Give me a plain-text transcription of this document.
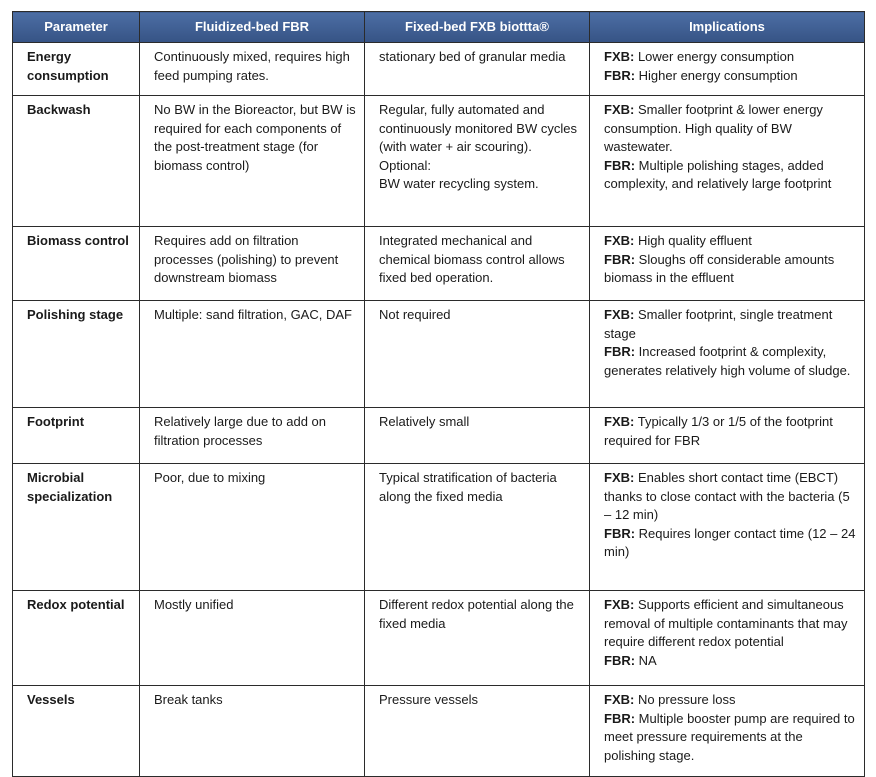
Parameter	Fluidized-bed FBR	Fixed-bed FXB biottta®	Implications
Energy consumption	Continuously mixed, requires high feed pumping rates.	stationary bed of granular media	FXB: Lower energy consumption
FBR: Higher energy consumption

Backwash	No BW in the Bioreactor, but BW is required for each components of the post-treatment stage (for biomass control)	Regular, fully automated and continuously monitored BW cycles (with water + air scouring).
Optional:
BW water recycling system.	FXB: Smaller footprint & lower energy consumption. High quality of BW wastewater.
FBR: Multiple polishing stages, added complexity, and relatively large footprint

Biomass control	Requires add on filtration processes (polishing) to prevent downstream biomass	Integrated mechanical and chemical biomass control allows fixed bed operation.	FXB: High quality effluent
FBR: Sloughs off considerable amounts biomass in the effluent

Polishing stage	Multiple: sand filtration, GAC, DAF	Not required	FXB: Smaller footprint, single treatment stage
FBR: Increased footprint & complexity, generates relatively high volume of sludge.

Footprint	Relatively large due to add on filtration processes	Relatively small	FXB: Typically 1/3 or 1/5 of the footprint required for FBR

Microbial specialization	Poor, due to mixing	Typical stratification of bacteria along the fixed media	FXB: Enables short contact time (EBCT) thanks to close contact with the bacteria (5 – 12 min)
FBR: Requires longer contact time (12 – 24 min)

Redox potential	Mostly unified	Different redox potential along the fixed media	FXB: Supports efficient and simultaneous removal of multiple contaminants that may require different redox potential
FBR: NA

Vessels	Break tanks	Pressure vessels	FXB: No pressure loss
FBR: Multiple booster pump are required to meet pressure requirements at the polishing stage.
